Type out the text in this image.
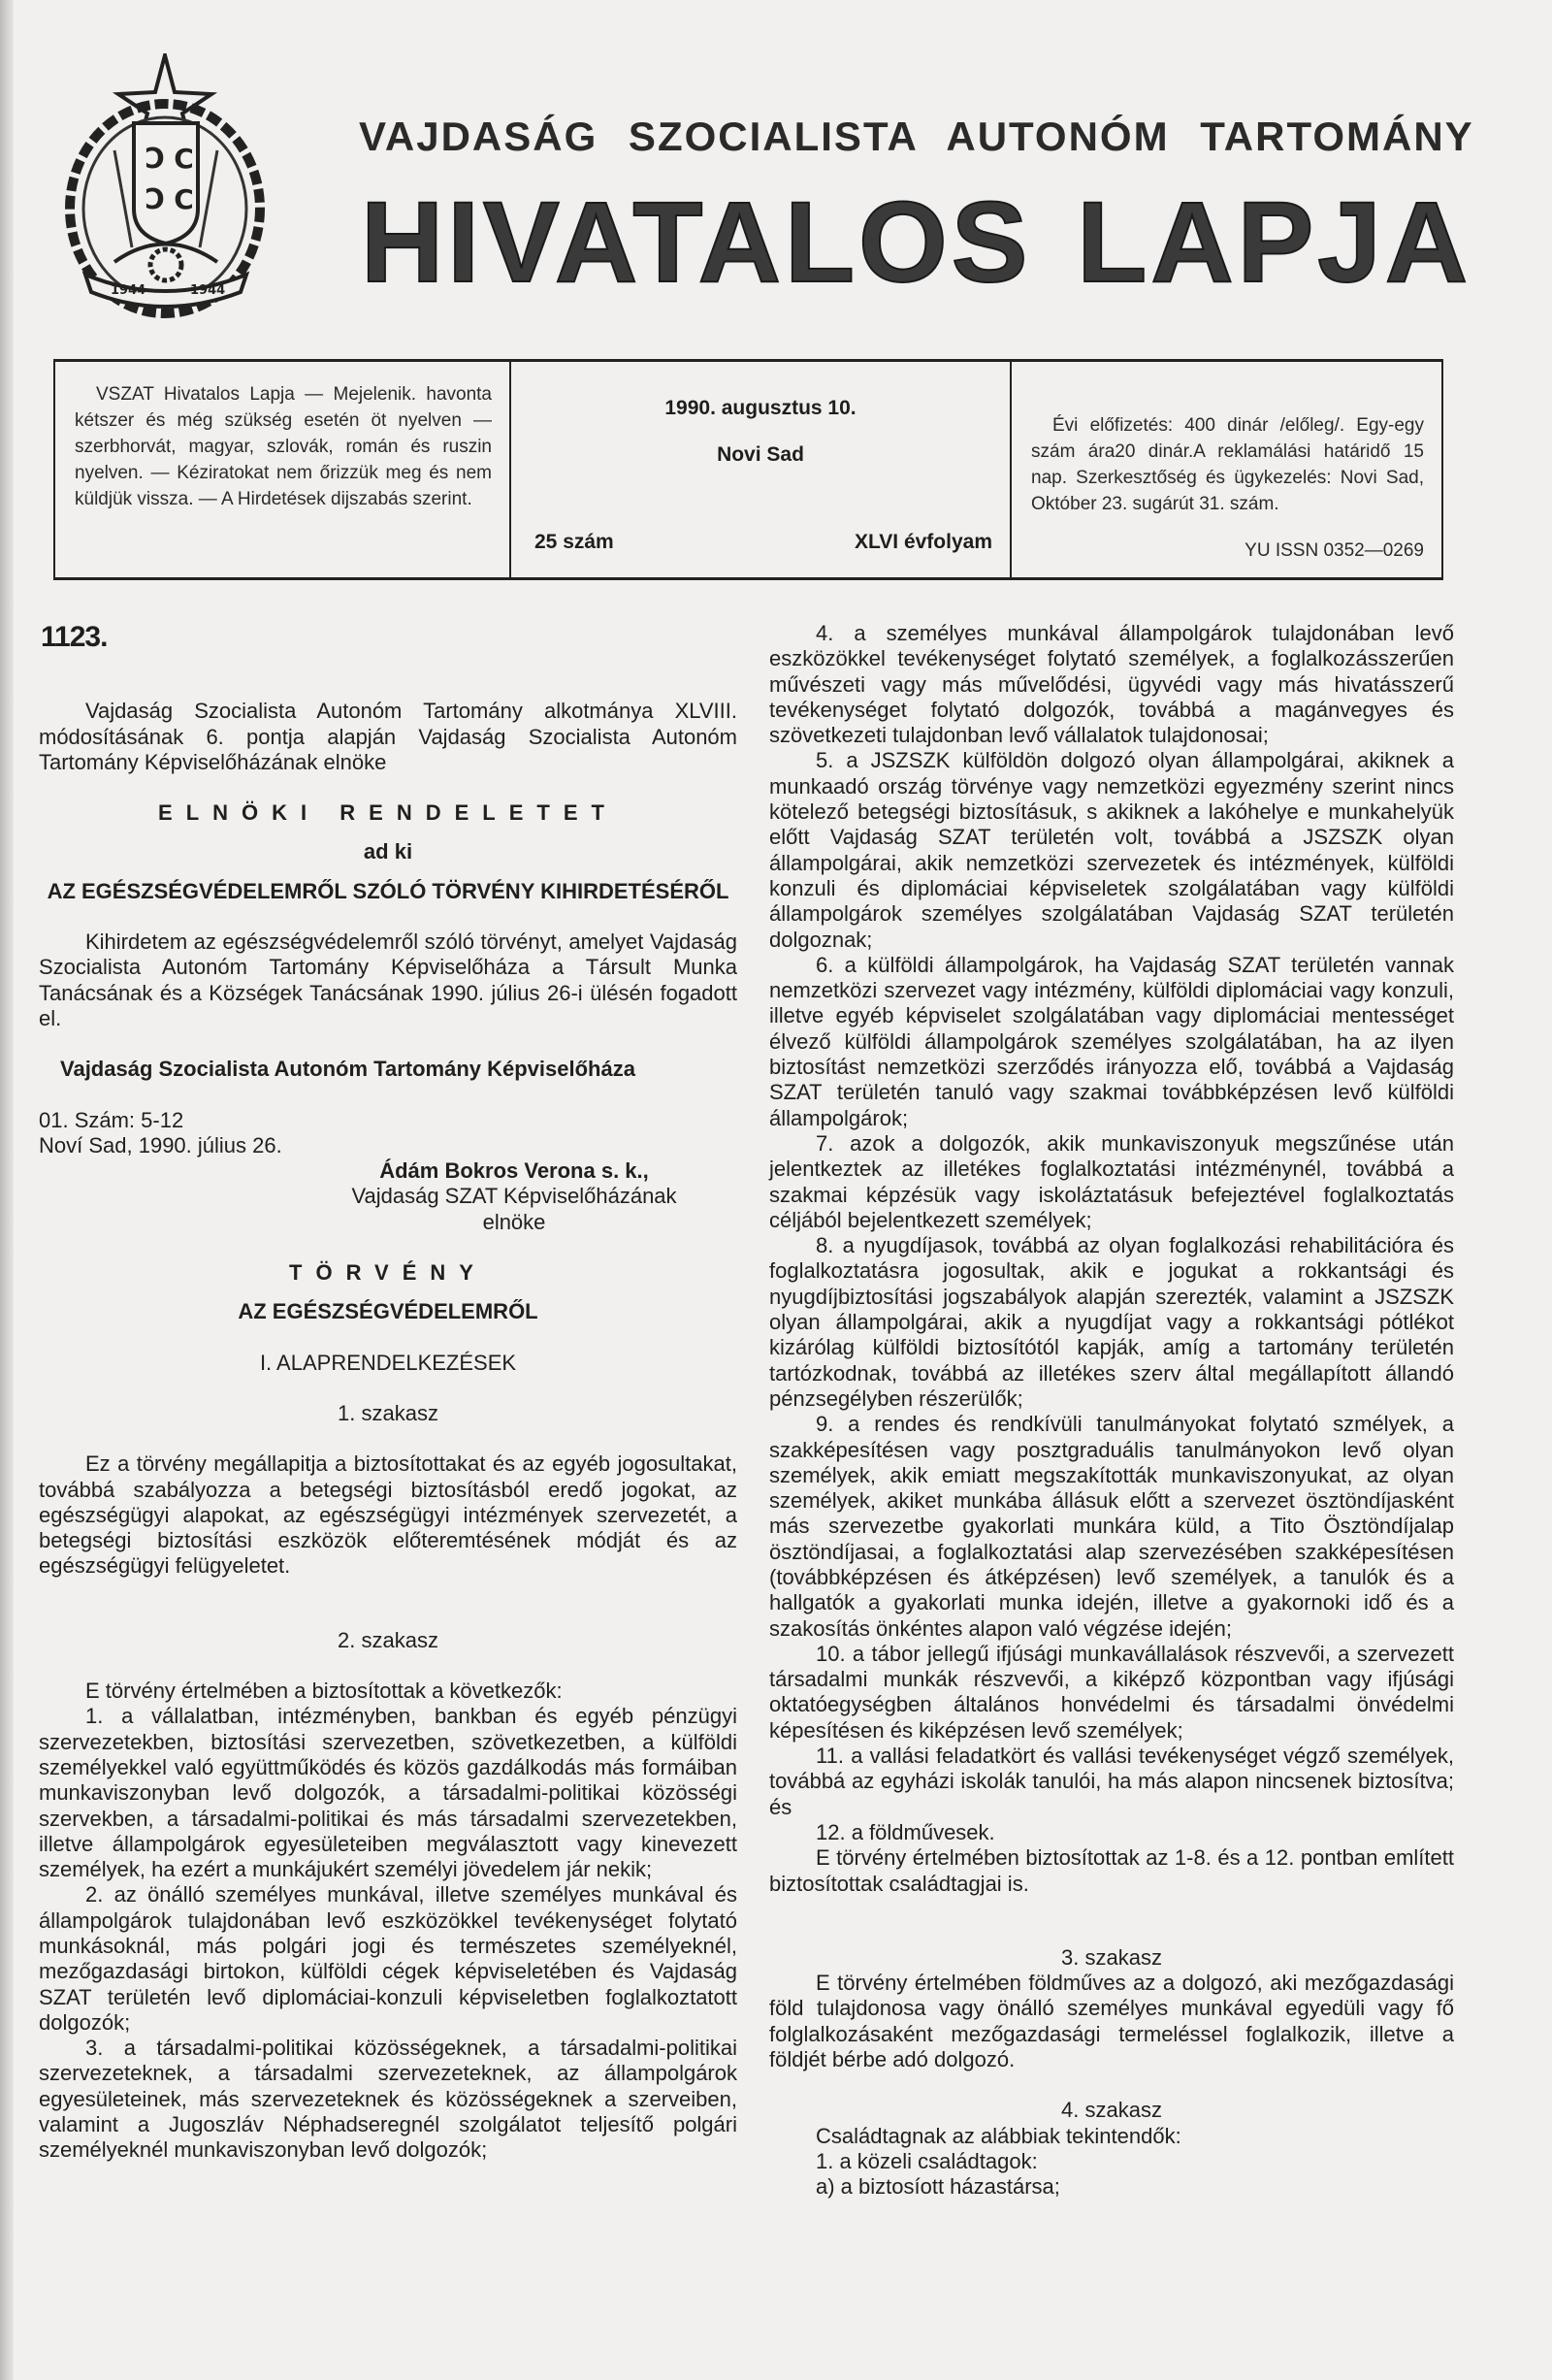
Ͻ C
Ͻ C
1944	1944
VAJDASÁG SZOCIALISTA AUTONÓM TARTOMÁNY
HIVATALOS LAPJA
VSZAT Hivatalos Lapja — Mejelenik. havonta kétszer és még szükség esetén öt nyelven — szerbhorvát, magyar, szlovák, román és ruszin nyelven. — Kéziratokat nem őrizzük meg és nem küldjük vissza. — A Hirdetések dijszabás szerint.
1990. augusztus 10.
Novi Sad
25 szám	XLVI évfolyam

Évi előfizetés: 400 dinár /előleg/. Egy-egy szám ára20 dinár.A reklamálási határidő 15 nap. Szerkesztőség és ügykezelés: Novi Sad, Október 23. sugárút 31. szám.

YU ISSN 0352—0269
1123.

Vajdaság Szocialista Autonóm Tartomány alkotmánya XLVIII. módosításának 6. pontja alapján Vajdaság Szocialista Autonóm Tartomány Képviselőházának elnöke

ELNÖKI RENDELETET

ad ki

AZ EGÉSZSÉGVÉDELEMRŐL SZÓLÓ TÖRVÉNY KIHIRDETÉSÉRŐL

Kihirdetem az egészségvédelemről szóló törvényt, amelyet Vajdaság Szocialista Autonóm Tartomány Képviselőháza a Társult Munka Tanácsának és a Községek Tanácsának 1990. július 26-i ülésén fogadott el.

Vajdaság Szocialista Autonóm Tartomány Képviselőháza

01. Szám: 5-12

Noví Sad, 1990. július 26.

Ádám Bokros Verona s. k.,

Vajdaság SZAT Képviselőházának

elnöke

TÖRVÉNY

AZ EGÉSZSÉGVÉDELEMRŐL

I. ALAPRENDELKEZÉSEK

1. szakasz

Ez a törvény megállapitja a biztosítottakat és az egyéb jogosultakat, továbbá szabályozza a betegségi biztosításból eredő jogokat, az egészségügyi alapokat, az egészségügyi intézmények szervezetét, a betegségi biztosítási eszközök előteremtésének módját és az egészségügyi felügyeletet.

2. szakasz

E törvény értelmében a biztosítottak a következők:

1. a vállalatban, intézményben, bankban és egyéb pénzügyi szervezetekben, biztosítási szervezetben, szövetkezetben, a külföldi személyekkel való együttműködés és közös gazdálkodás más formáiban munkaviszonyban levő dolgozók, a társadalmi-politikai közösségi szervekben, a társadalmi-politikai és más társadalmi szervezetekben, illetve állampolgárok egyesületeiben megválasztott vagy kinevezett személyek, ha ezért a munkájukért személyi jövedelem jár nekik;

2. az önálló személyes munkával, illetve személyes munkával és állampolgárok tulajdonában levő eszközökkel tevékenységet folytató munkásoknál, más polgári jogi és természetes személyeknél, mezőgazdasági birtokon, külföldi cégek képviseletében és Vajdaság SZAT területén levő diplomáciai-konzuli képviseletben foglalkoztatott dolgozók;

3. a társadalmi-politikai közösségeknek, a társadalmi-politikai szervezeteknek, a társadalmi szervezeteknek, az állampolgárok egyesületeinek, más szervezeteknek és közösségeknek a szerveiben, valamint a Jugoszláv Néphadseregnél szolgálatot teljesítő polgári személyeknél munkaviszonyban levő dolgozók;

4. a személyes munkával állampolgárok tulajdonában levő eszközökkel tevékenységet folytató személyek, a foglalkozásszerűen művészeti vagy más művelődési, ügyvédi vagy más hivatásszerű tevékenységet folytató dolgozók, továbbá a magánvegyes és szövetkezeti tulajdonban levő vállalatok tulajdonosai;

5. a JSZSZK külföldön dolgozó olyan állampolgárai, akiknek a munkaadó ország törvénye vagy nemzetközi egyezmény szerint nincs kötelező betegségi biztosításuk, s akiknek a lakóhelye e munkahelyük előtt Vajdaság SZAT területén volt, továbbá a JSZSZK olyan állampolgárai, akik nemzetközi szervezetek és intézmények, külföldi konzuli és diplomáciai képviseletek szolgálatában vagy külföldi állampolgárok személyes szolgálatában Vajdaság SZAT területén dolgoznak;

6. a külföldi állampolgárok, ha Vajdaság SZAT területén vannak nemzetközi szervezet vagy intézmény, külföldi diplomáciai vagy konzuli, illetve egyéb képviselet szolgálatában vagy diplomáciai mentességet élvező külföldi állampolgárok személyes szolgálatában, ha az ilyen biztosítást nemzetközi szerződés irányozza elő, továbbá a Vajdaság SZAT területén tanuló vagy szakmai továbbképzésen levő külföldi állampolgárok;

7. azok a dolgozók, akik munkaviszonyuk megszűnése után jelentkeztek az illetékes foglalkoztatási intézménynél, továbbá a szakmai képzésük vagy iskoláztatásuk befejeztével foglalkoztatás céljából bejelentkezett személyek;

8. a nyugdíjasok, továbbá az olyan foglalkozási rehabilitációra és foglalkoztatásra jogosultak, akik e jogukat a rokkantsági és nyugdíjbiztosítási jogszabályok alapján szerezték, valamint a JSZSZK olyan állampolgárai, akik a nyugdíjat vagy a rokkantsági pótlékot kizárólag külföldi biztosítótól kapják, amíg a tartomány területén tartózkodnak, továbbá az illetékes szerv által megállapított állandó pénzsegélyben részerülők;

9. a rendes és rendkívüli tanulmányokat folytató szmélyek, a szakképesítésen vagy posztgraduális tanulmányokon levő olyan személyek, akik emiatt megszakították munkaviszonyukat, az olyan személyek, akiket munkába állásuk előtt a szervezet ösztöndíjasként más szervezetbe gyakorlati munkára küld, a Tito Ösztöndíjalap ösztöndíjasai, a foglalkoztatási alap szervezésében szakképesítésen (továbbképzésen és átképzésen) levő személyek, a tanulók és a hallgatók a gyakorlati munka idején, illetve a gyakornoki idő és a szakosítás önkéntes alapon való végzése idején;

10. a tábor jellegű ifjúsági munkavállalások részvevői, a szervezett társadalmi munkák részvevői, a kiképző központban vagy ifjúsági oktatóegységben általános honvédelmi és társadalmi önvédelmi képesítésen és kiképzésen levő személyek;

11. a vallási feladatkört és vallási tevékenységet végző személyek, továbbá az egyházi iskolák tanulói, ha más alapon nincsenek biztosítva; és

12. a földművesek.

E törvény értelmében biztosítottak az 1-8. és a 12. pontban említett biztosítottak családtagjai is.

3. szakasz

E törvény értelmében földműves az a dolgozó, aki mezőgazdasági föld tulajdonosa vagy önálló személyes munkával egyedüli vagy fő folglalkozásaként mezőgazdasági termeléssel foglalkozik, illetve a földjét bérbe adó dolgozó.

4. szakasz

Családtagnak az alábbiak tekintendők:

1. a közeli családtagok:

a) a biztosíott házastársa;
